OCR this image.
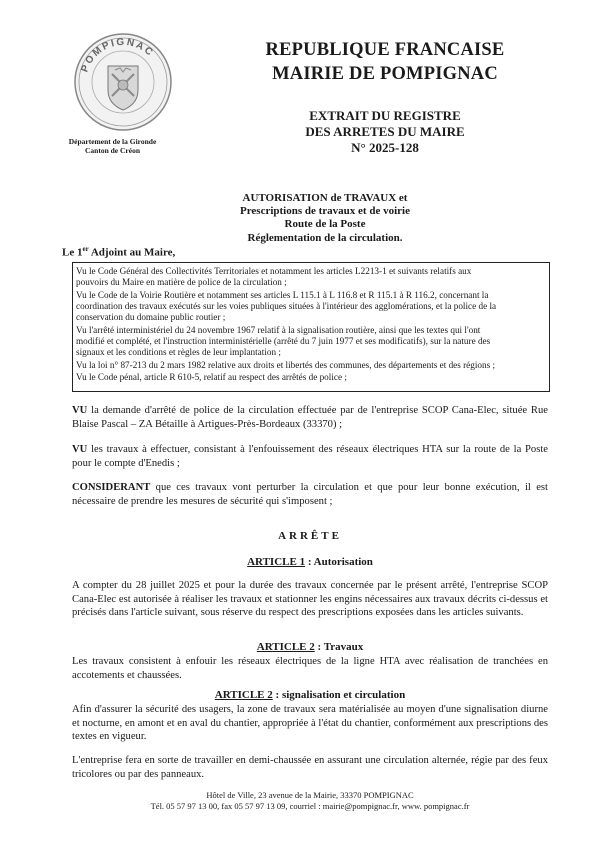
POMPIGNAC
Département de la Gironde
Canton de Créon
REPUBLIQUE FRANCAISE
MAIRIE DE POMPIGNAC
EXTRAIT DU REGISTRE
DES ARRETES DU MAIRE
N° 2025-128
AUTORISATION de TRAVAUX et
Prescriptions de travaux et de voirie
Route de la Poste
Réglementation de la circulation.
Le 1er Adjoint au Maire,
Vu le Code Général des Collectivités Territoriales et notamment les articles L2213-1 et suivants relatifs aux
pouvoirs du Maire en matière de police de la circulation ;
Vu le Code de la Voirie Routière et notamment ses articles L 115.1 à L 116.8 et R 115.1 à R 116.2, concernant la
coordination des travaux exécutés sur les voies publiques situées à l'intérieur des agglomérations, et la police de la
conservation du domaine public routier ;
Vu l'arrêté interministériel du 24 novembre 1967 relatif à la signalisation routière, ainsi que les textes qui l'ont
modifié et complété, et l'instruction interministérielle (arrêté du 7 juin 1977 et ses modificatifs), sur la nature des
signaux et les conditions et règles de leur implantation ;
Vu la loi n° 87-213 du 2 mars 1982 relative aux droits et libertés des communes, des départements et des régions ;
Vu le Code pénal, article R 610-5, relatif au respect des arrêtés de police ;
VU la demande d'arrêté de police de la circulation effectuée par de l'entreprise SCOP Cana-Elec, située Rue Blaise Pascal – ZA Bétaille à Artigues-Près-Bordeaux (33370) ;
VU les travaux à effectuer, consistant à l'enfouissement des réseaux électriques HTA sur la route de la Poste pour le compte d'Enedis ;
CONSIDERANT que ces travaux vont perturber la circulation et que pour leur bonne exécution, il est nécessaire de prendre les mesures de sécurité qui s'imposent ;
ARRÊTE
ARTICLE 1 : Autorisation
A compter du 28 juillet 2025 et pour la durée des travaux concernée par le présent arrêté, l'entreprise SCOP Cana-Elec est autorisée à réaliser les travaux et stationner les engins nécessaires aux travaux décrits ci-dessus et précisés dans l'article suivant, sous réserve du respect des prescriptions exposées dans les articles suivants.
ARTICLE 2 : Travaux
Les travaux consistent à enfouir les réseaux électriques de la ligne HTA avec réalisation de tranchées en accotements et chaussées.
ARTICLE 2 : signalisation et circulation
Afin d'assurer la sécurité des usagers, la zone de travaux sera matérialisée au moyen d'une signalisation diurne et nocturne, en amont et en aval du chantier, appropriée à l'état du chantier, conformément aux prescriptions des textes en vigueur.
L'entreprise fera en sorte de travailler en demi-chaussée en assurant une circulation alternée, régie par des feux tricolores ou par des panneaux.
Hôtel de Ville, 23 avenue de la Mairie, 33370 POMPIGNAC
Tél. 05 57 97 13 00, fax 05 57 97 13 09, courriel : mairie@pompignac.fr, www. pompignac.fr
